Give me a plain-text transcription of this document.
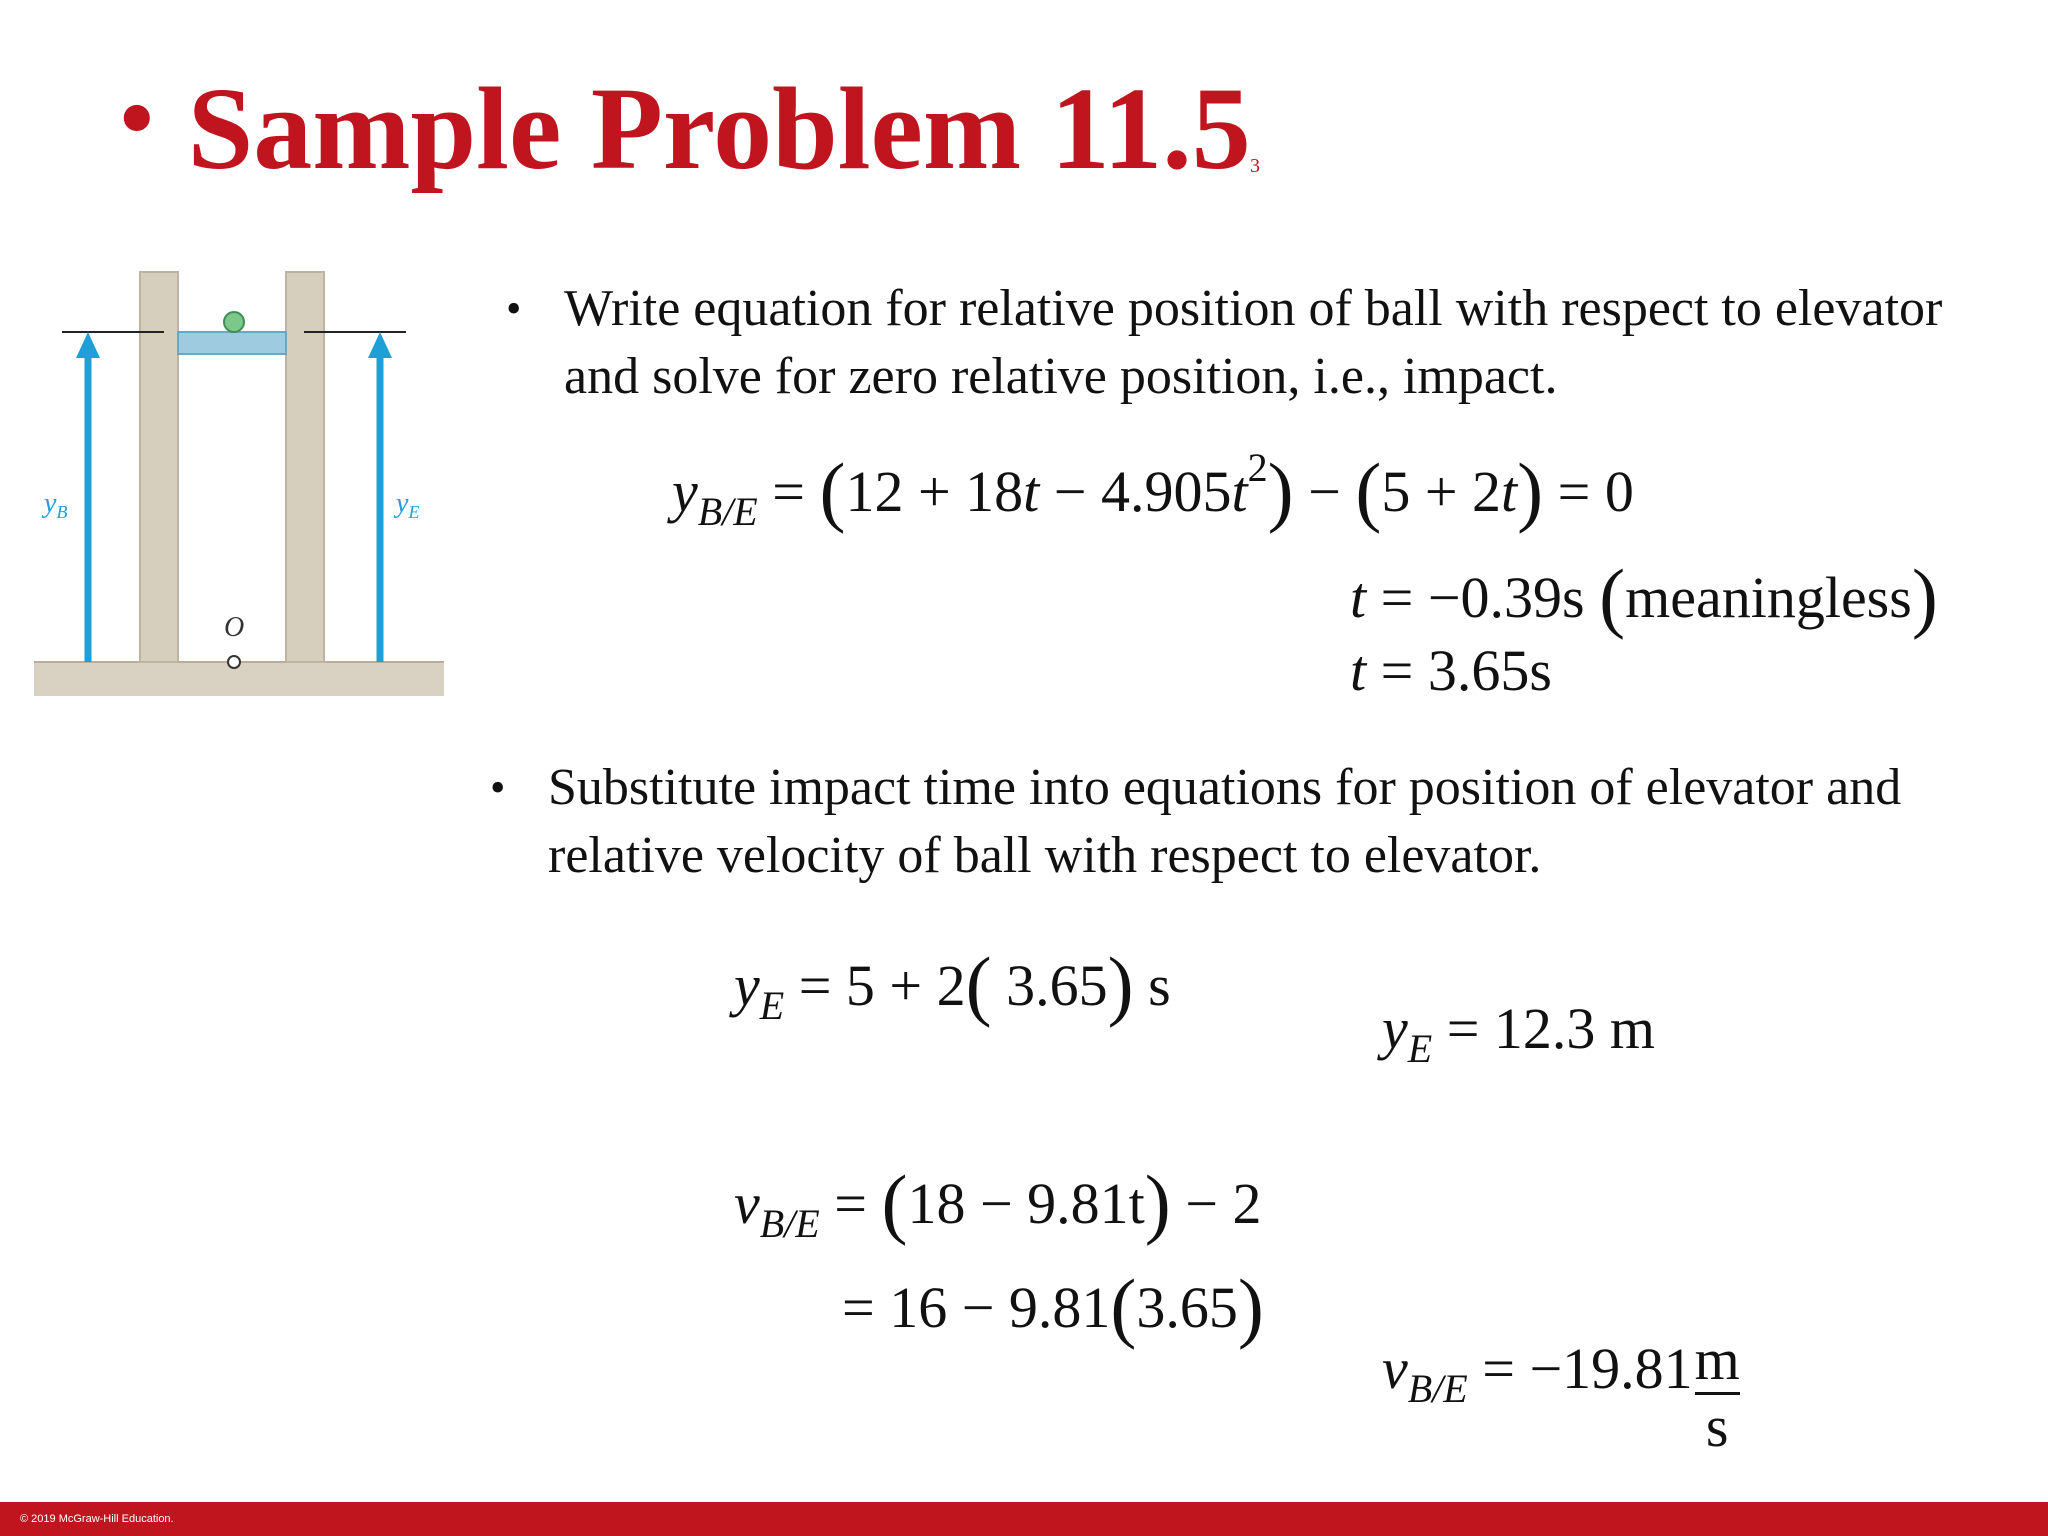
• Sample Problem 11.5 3
$y_B$	$y_E$
O
• Write equation for relative position of ball with respect to elevator and solve for zero relative position, i.e., impact.
$y_{B/E} = (12 + 18t - 4.905t^2) - (5 + 2t) = 0$
t = −0.39s (meaningless)
t = 3.65s
• Substitute impact time into equations for position of elevator and relative velocity of ball with respect to elevator.
$y_E = 5 + 2$( 3.65) s
$y_E = 12.3$ m
$v_{B/E} = (18 - 9.81t) - 2$
= 16 − 9.81(3.65)
$v_{B/E} = -19.81 \frac{m}{s}$
© 2019 McGraw-Hill Education.
